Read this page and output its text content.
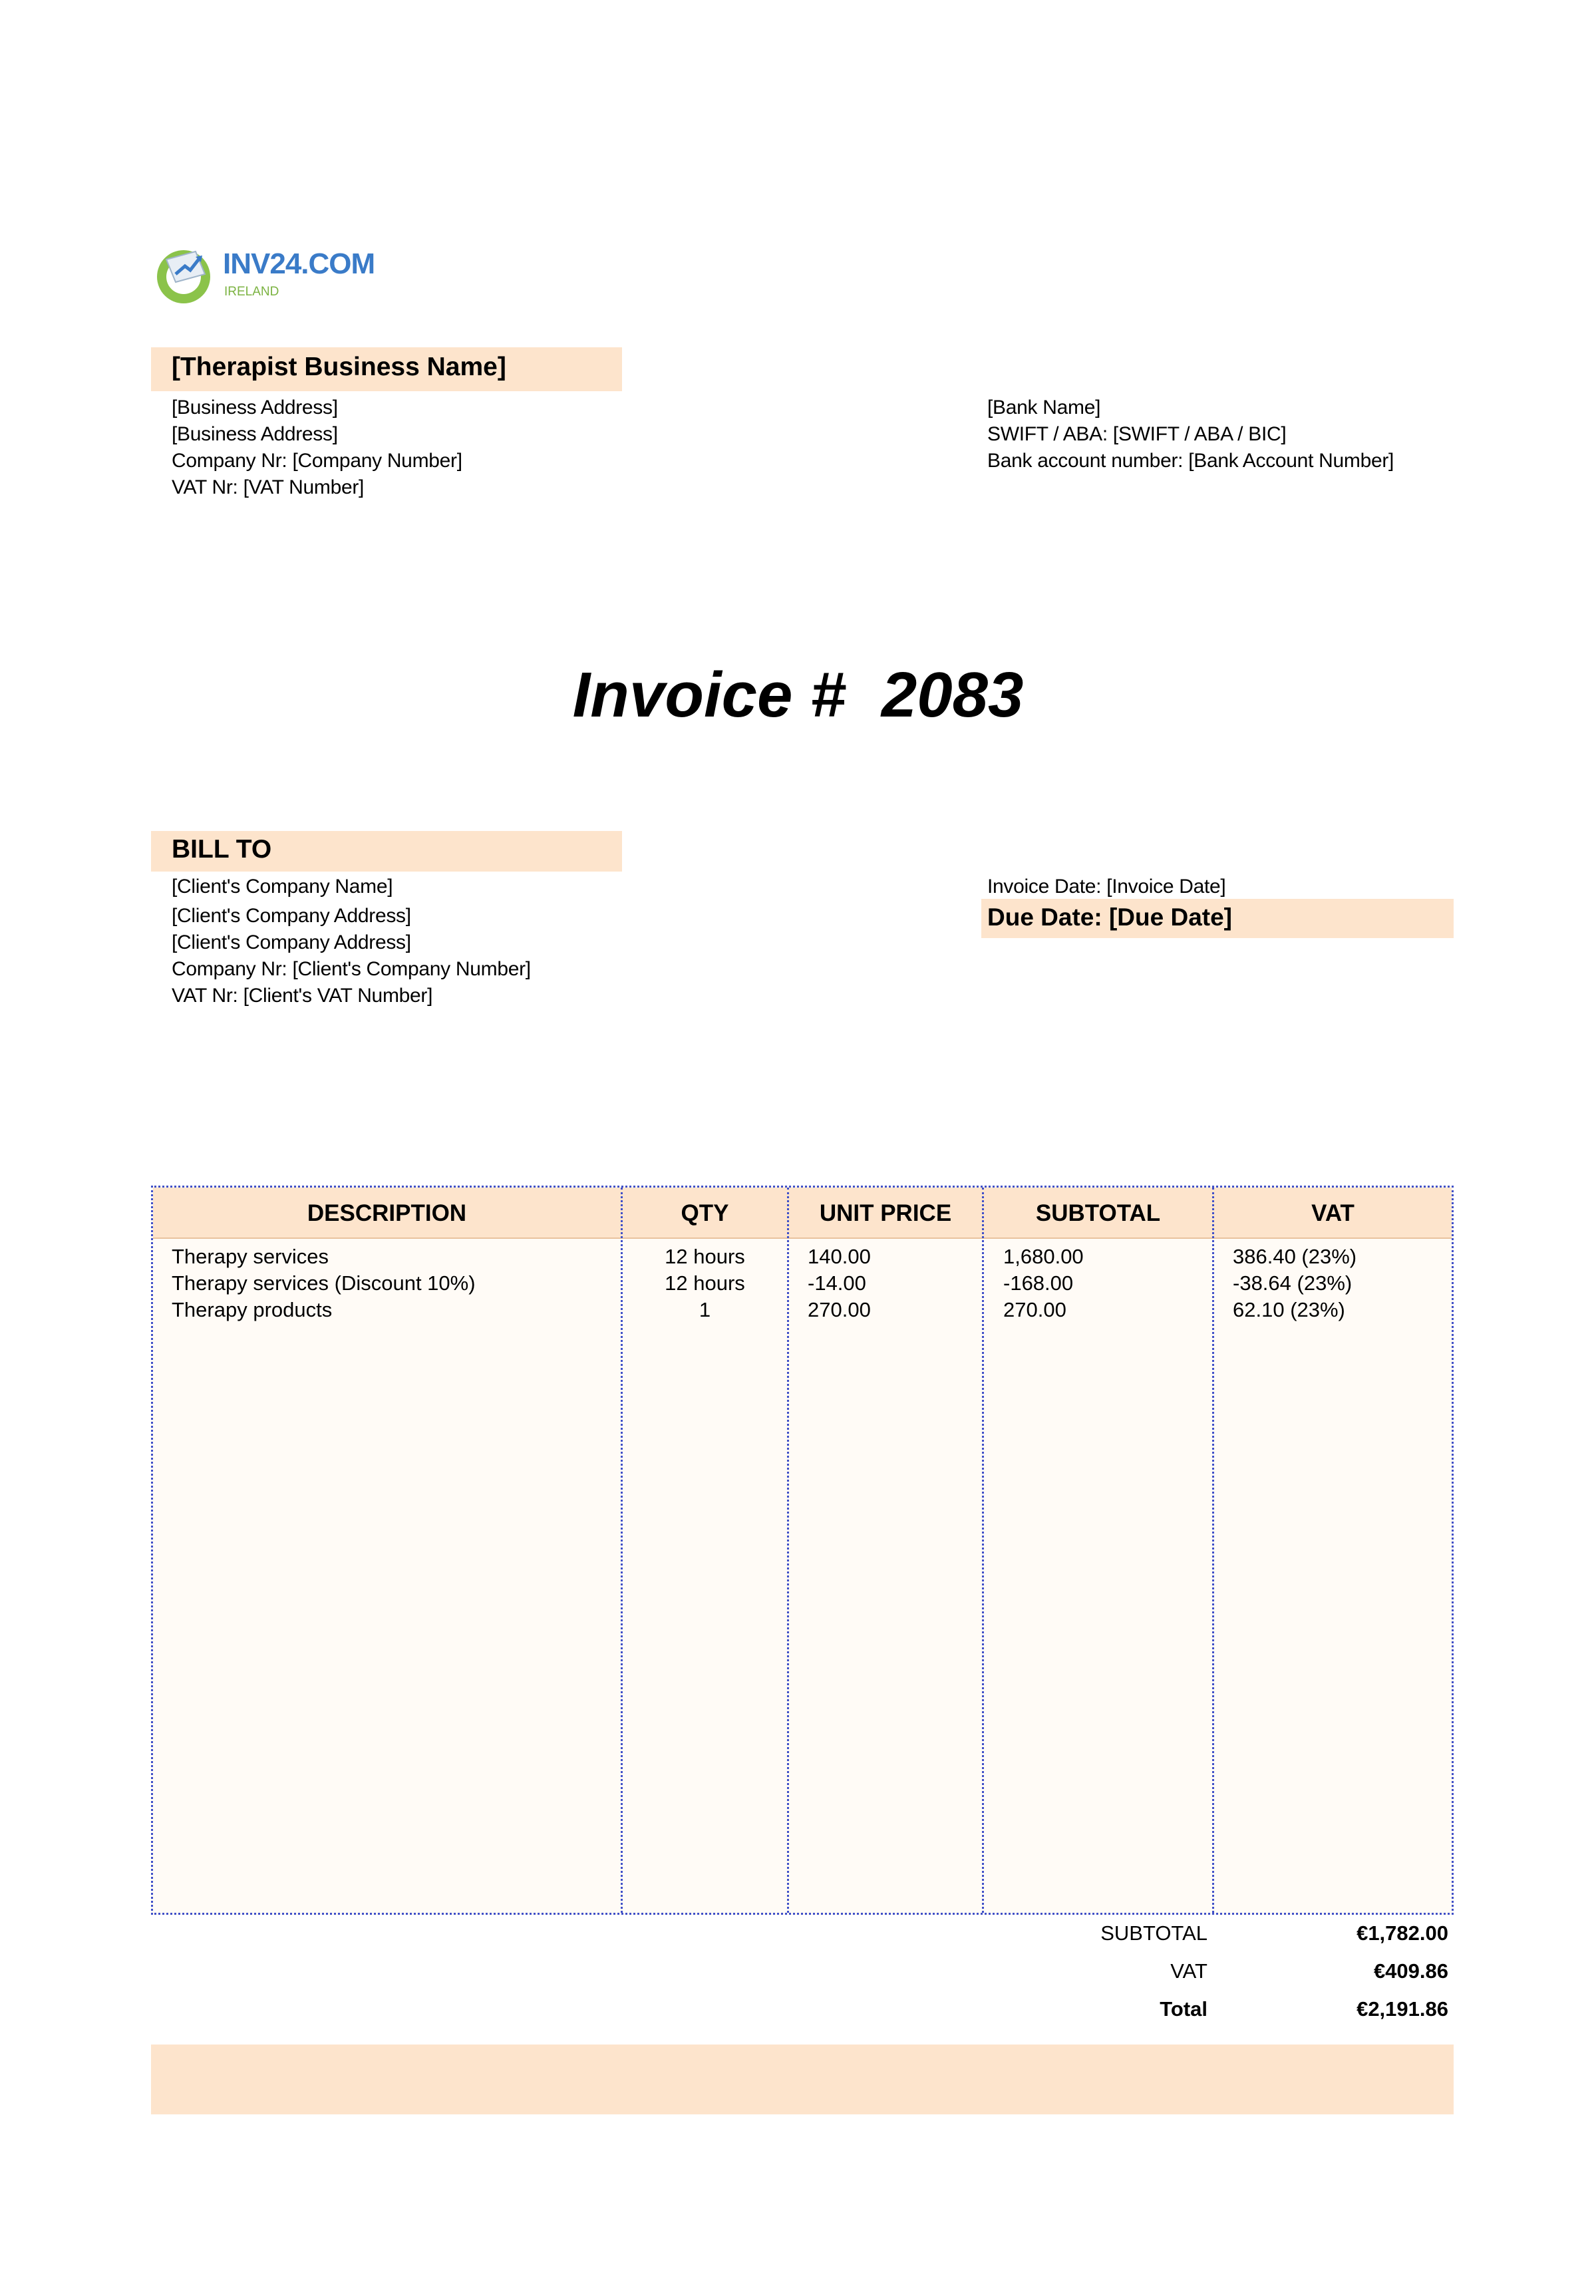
INV24.COM
IRELAND
[Therapist Business Name]
[Business Address]
[Business Address]
Company Nr: [Company Number]
VAT Nr: [VAT Number]
[Bank Name]
SWIFT / ABA: [SWIFT / ABA / BIC]
Bank account number: [Bank Account Number]
Invoice # 2083
BILL TO
[Client's Company Name]
[Client's Company Address]
[Client's Company Address]
Company Nr: [Client's Company Number]
VAT Nr: [Client's VAT Number]
Invoice Date: [Invoice Date]
Due Date: [Due Date]
DESCRIPTION	QTY	UNIT PRICE	SUBTOTAL	VAT
Therapy services	12 hours	140.00	1,680.00	386.40 (23%)
Therapy services (Discount 10%)	12 hours	-14.00	-168.00	-38.64 (23%)
Therapy products	1	270.00	270.00	62.10 (23%)
SUBTOTAL	€1,782.00
VAT	€409.86
Total	€2,191.86
